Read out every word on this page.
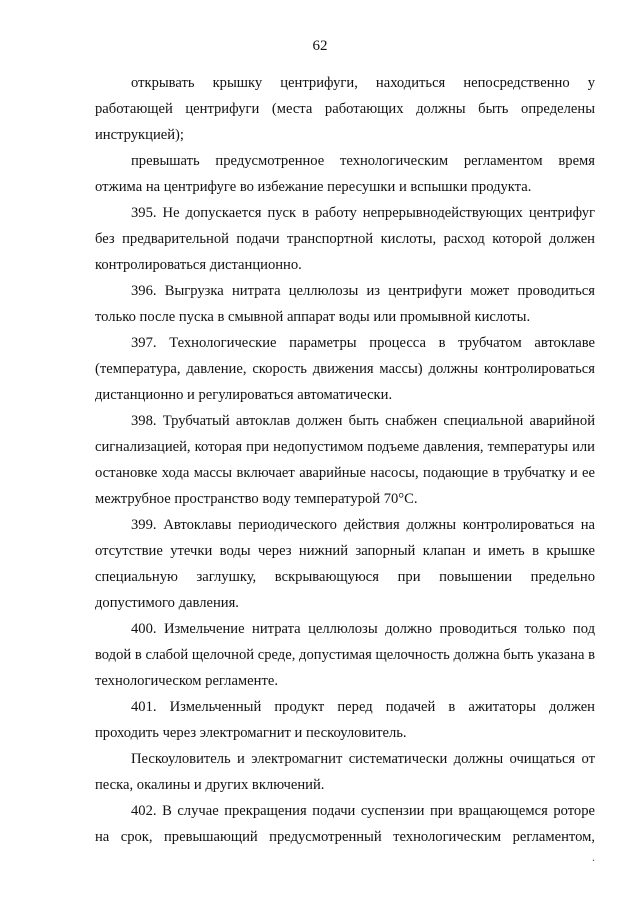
62

открывать крышку центрифуги, находиться непосредственно у работающей центрифуги (места работающих должны быть определены инструкцией);

превышать предусмотренное технологическим регламентом время отжима на центрифуге во избежание пересушки и вспышки продукта.

395. Не допускается пуск в работу непрерывнодействующих центрифуг без предварительной подачи транспортной кислоты, расход которой должен контролироваться дистанционно.

396. Выгрузка нитрата целлюлозы из центрифуги может проводиться только после пуска в смывной аппарат воды или промывной кислоты.

397. Технологические параметры процесса в трубчатом автоклаве (температура, давление, скорость движения массы) должны контролироваться дистанционно и регулироваться автоматически.

398. Трубчатый автоклав должен быть снабжен специальной аварийной сигнализацией, которая при недопустимом подъеме давления, температуры или остановке хода массы включает аварийные насосы, подающие в трубчатку и ее межтрубное пространство воду температурой 70°С.

399. Автоклавы периодического действия должны контролироваться на отсутствие утечки воды через нижний запорный клапан и иметь в крышке специальную заглушку, вскрывающуюся при повышении предельно допустимого давления.

400. Измельчение нитрата целлюлозы должно проводиться только под водой в слабой щелочной среде, допустимая щелочность должна быть указана в технологическом регламенте.

401. Измельченный продукт перед подачей в ажитаторы должен проходить через электромагнит и пескоуловитель.

Пескоуловитель и электромагнит систематически должны очищаться от песка, окалины и других включений.

402. В случае прекращения подачи суспензии при вращающемся роторе на срок, превышающий предусмотренный технологическим регламентом,

.
